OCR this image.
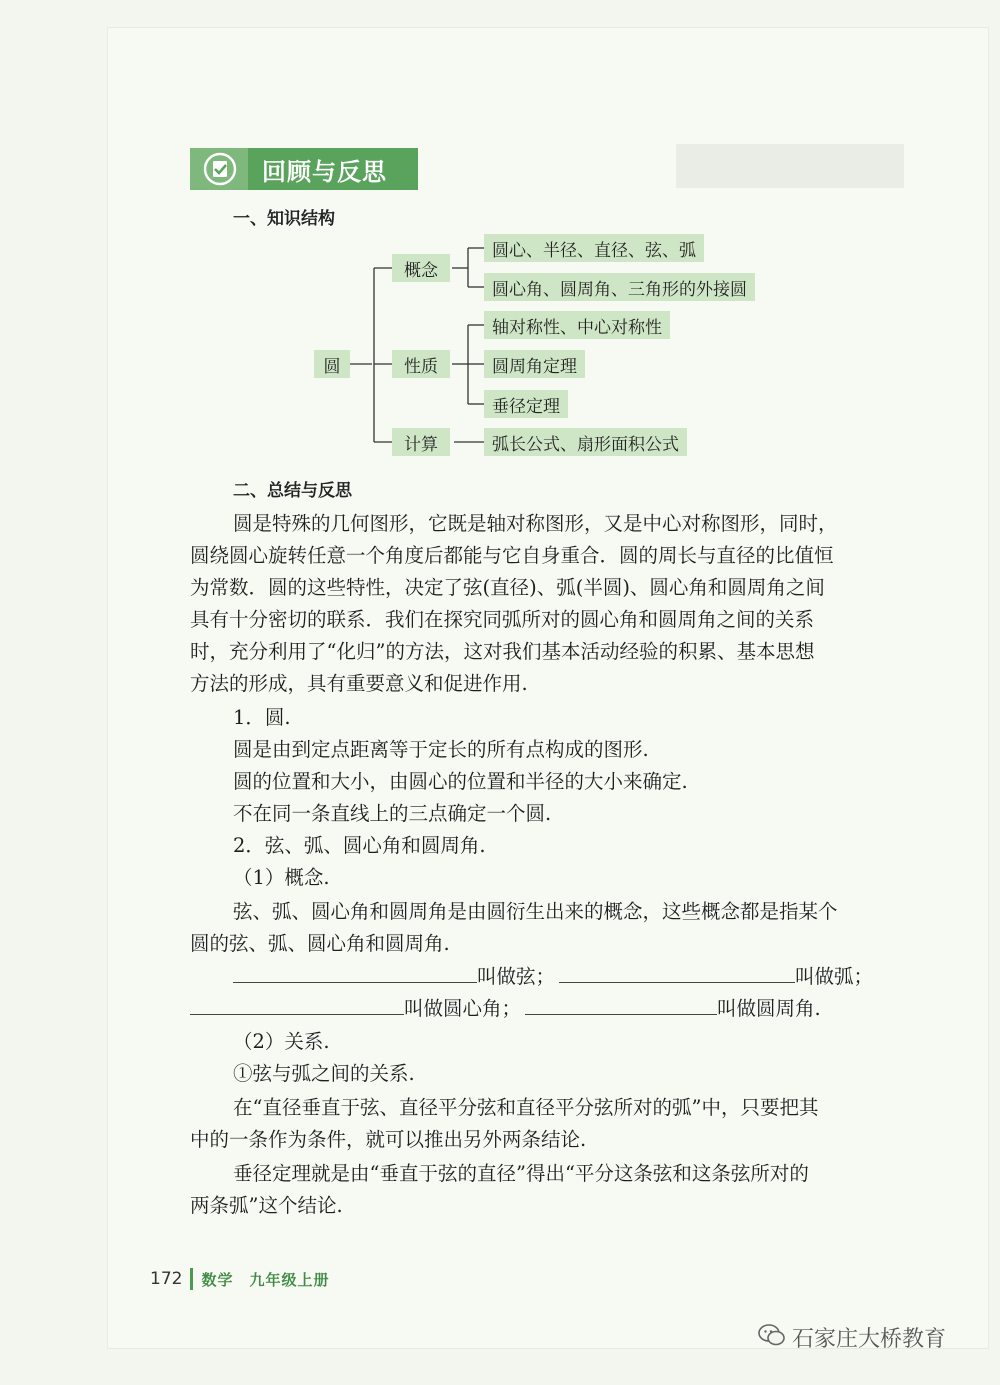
回顾与反思
一、知识结构
圆
概念
性质
计算
圆心、半径、直径、弦、弧
圆心角、圆周角、三角形的外接圆
轴对称性、中心对称性
圆周角定理
垂径定理
弧长公式、扇形面积公式
二、总结与反思
圆是特殊的几何图形，它既是轴对称图形，又是中心对称图形，同时，
圆绕圆心旋转任意一个角度后都能与它自身重合．圆的周长与直径的比值恒
为常数．圆的这些特性，决定了弦(直径)、弧(半圆)、圆心角和圆周角之间
具有十分密切的联系．我们在探究同弧所对的圆心角和圆周角之间的关系
时，充分利用了“化归”的方法，这对我们基本活动经验的积累、基本思想
方法的形成，具有重要意义和促进作用.
1．圆.
圆是由到定点距离等于定长的所有点构成的图形.
圆的位置和大小，由圆心的位置和半径的大小来确定.
不在同一条直线上的三点确定一个圆.
2．弦、弧、圆心角和圆周角.
（1）概念.
弦、弧、圆心角和圆周角是由圆衍生出来的概念，这些概念都是指某个
圆的弦、弧、圆心角和圆周角.
叫做弦；	叫做弧；
叫做圆心角；	叫做圆周角.
（2）关系.
①弦与弧之间的关系.
在“直径垂直于弦、直径平分弦和直径平分弦所对的弧”中，只要把其
中的一条作为条件，就可以推出另外两条结论.
垂径定理就是由“垂直于弦的直径”得出“平分这条弦和这条弦所对的
两条弧”这个结论.
172 数学　九年级上册
石家庄大桥教育
